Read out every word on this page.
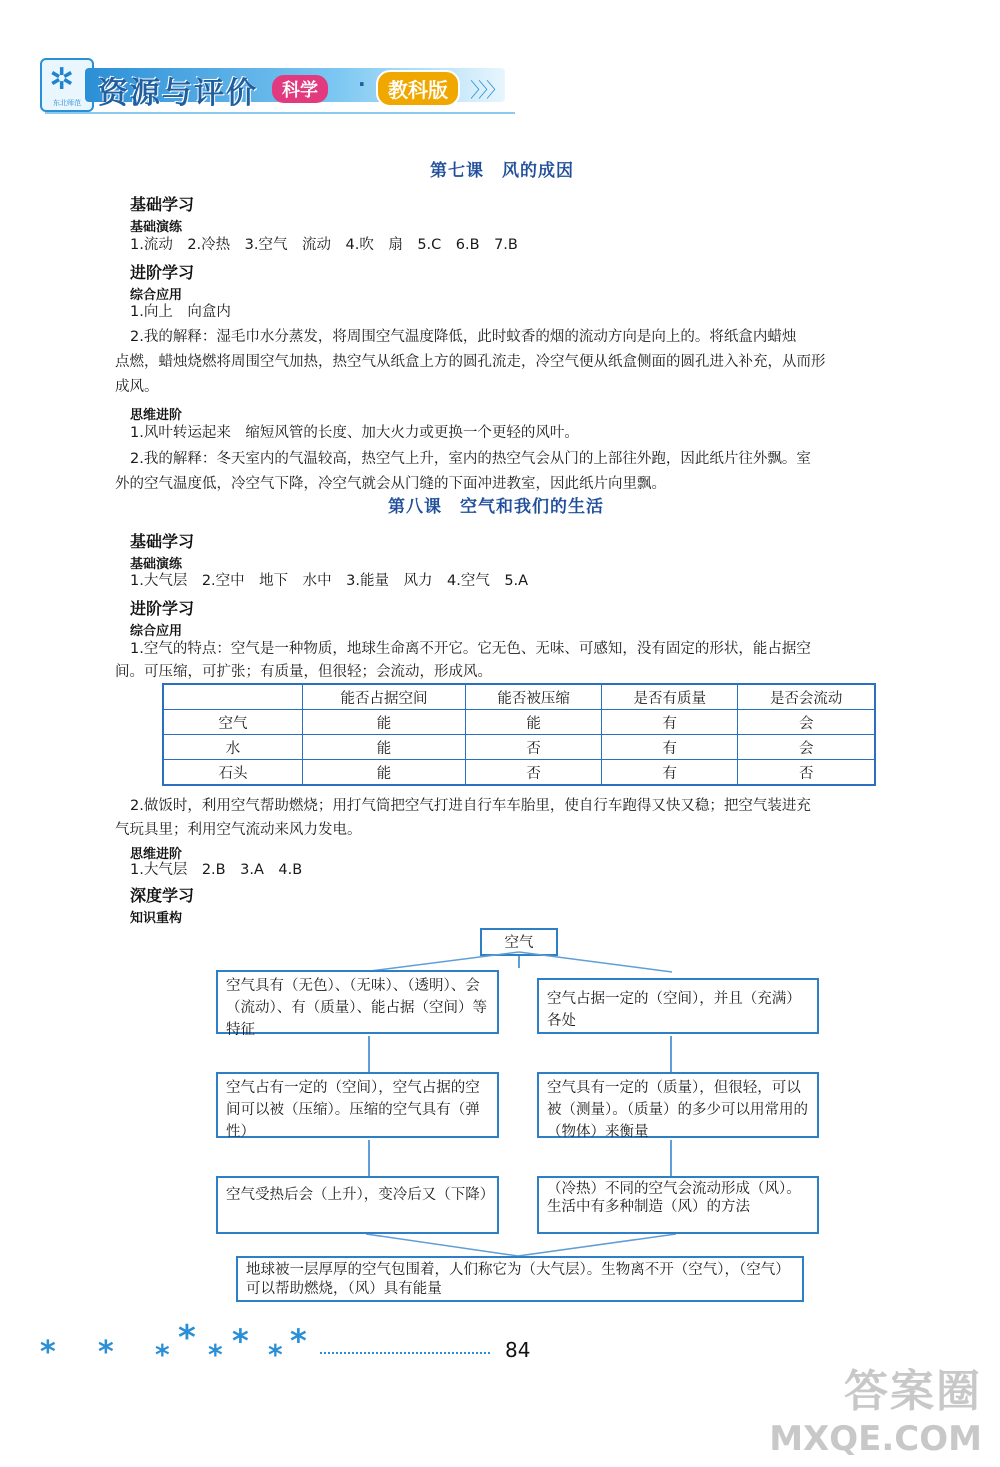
✲
东北师范 资源与评价	科学	·	教科版	〉〉〉
第七课　风的成因
基础学习
基础演练
1.流动　2.冷热　3.空气　流动　4.吹　扇　5.C　6.B　7.B
进阶学习
综合应用
1.向上　向盒内
2.我的解释：湿毛巾水分蒸发，将周围空气温度降低，此时蚊香的烟的流动方向是向上的。将纸盒内蜡烛
点燃，蜡烛烧燃将周围空气加热，热空气从纸盒上方的圆孔流走，冷空气便从纸盒侧面的圆孔进入补充，从而形
成风。
思维进阶
1.风叶转运起来　缩短风管的长度、加大火力或更换一个更轻的风叶。
2.我的解释：冬天室内的气温较高，热空气上升，室内的热空气会从门的上部往外跑，因此纸片往外飘。室
外的空气温度低，冷空气下降，冷空气就会从门缝的下面冲进教室，因此纸片向里飘。
第八课　空气和我们的生活
基础学习
基础演练
1.大气层　2.空中　地下　水中　3.能量　风力　4.空气　5.A
进阶学习
综合应用
1.空气的特点：空气是一种物质，地球生命离不开它。它无色、无味、可感知，没有固定的形状，能占据空
间。可压缩，可扩张；有质量，但很轻；会流动，形成风。
	能否占据空间	能否被压缩	是否有质量	是否会流动
空气	能	能	有	会
水	能	否	有	会
石头	能	否	有	否
2.做饭时，利用空气帮助燃烧；用打气筒把空气打进自行车车胎里，使自行车跑得又快又稳；把空气装进充
气玩具里；利用空气流动来风力发电。
思维进阶
1.大气层　2.B　3.A　4.B
深度学习
知识重构
空气
空气具有（无色）、（无味）、（透明）、会（流动）、有（质量）、能占据（空间）等特征
空气占据一定的（空间），并且（充满）各处
空气占有一定的（空间），空气占据的空间可以被（压缩）。压缩的空气具有（弹性）
空气具有一定的（质量），但很轻，可以被（测量）。（质量）的多少可以用常用的（物体）来衡量
空气受热后会（上升），变冷后又（下降）	（冷热）不同的空气会流动形成（风）。生活中有多种制造（风）的方法
地球被一层厚厚的空气包围着，人们称它为（大气层）。生物离不开（空气），（空气）可以帮助燃烧，（风）具有能量
* * * * * * * *	84
答案圈
MXQE.COM
